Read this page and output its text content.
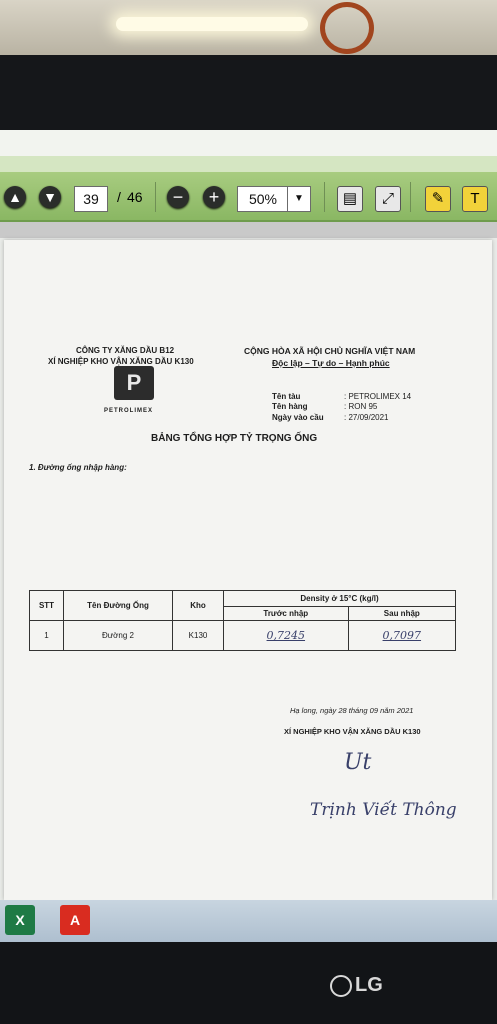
▲ ▼	39	/ 46	−	+	50%	▼	▤	⤢	✎	T
CÔNG TY XĂNG DẦU B12
XÍ NGHIỆP KHO VẬN XĂNG DẦU K130
CỘNG HÒA XÃ HỘI CHỦ NGHĨA VIỆT NAM
Độc lập – Tự do – Hạnh phúc
P
PETROLIMEX
Tên tàu	: PETROLIMEX 14
Tên hàng	: RON 95
Ngày vào cầu	: 27/09/2021
BẢNG TỔNG HỢP TỶ TRỌNG ỐNG
1. Đường ống nhập hàng:
STT	Tên Đường Ống	Kho	Density ở 15°C (kg/l)	
			Trước nhập	Sau nhập
1	Đường 2	K130	0,7245	0,7097
Hạ long, ngày 28 tháng 09 năm 2021
XÍ NGHIỆP KHO VẬN XĂNG DẦU K130
Ut
Trịnh Viết Thông
X	A
LG
